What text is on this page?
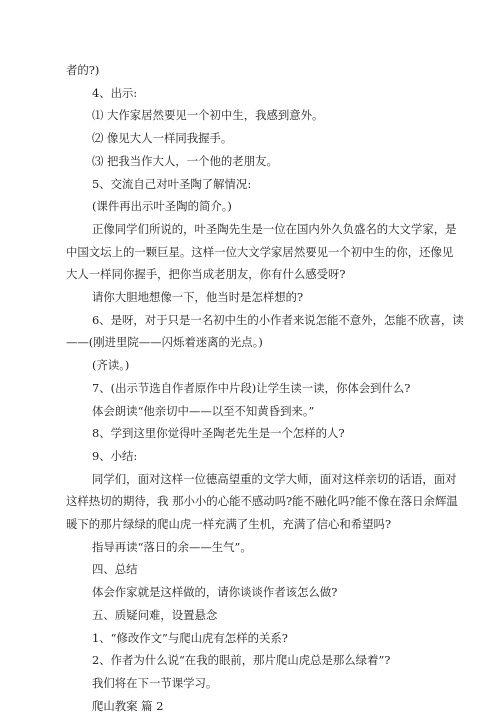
者的?)
4、出示:
⑴ 大作家居然要见一个初中生，我感到意外。
⑵ 像见大人一样同我握手。
⑶ 把我当作大人，一个他的老朋友。
5、交流自己对叶圣陶了解情况:
(课件再出示叶圣陶的简介。)
正像同学们所说的，叶圣陶先生是一位在国内外久负盛名的大文学家，是
中国文坛上的一颗巨星。这样一位大文学家居然要见一个初中生的你，还像见
大人一样同你握手，把你当成老朋友，你有什么感受呀?
请你大胆地想像一下，他当时是怎样想的?
6、是呀，对于只是一名初中生的小作者来说怎能不意外，怎能不欣喜，读
——(刚进里院——闪烁着迷离的光点。)
(齐读。)
7、(出示节选自作者原作中片段)让学生读一读，你体会到什么?
体会朗读“他亲切中——以至不知黄昏到来。”
8、学到这里你觉得叶圣陶老先生是一个怎样的人?
9、小结:
同学们，面对这样一位德高望重的文学大师，面对这样亲切的话语，面对
这样热切的期待，我 那小小的心能不感动吗?能不融化吗?能不像在落日余辉温
暖下的那片绿绿的爬山虎一样充满了生机，充满了信心和希望吗?
指导再读“落日的余——生气”。
四、总结
体会作家就是这样做的，请你谈谈作者该怎么做?
五、质疑问难，设置悬念
1、“修改作文”与爬山虎有怎样的关系?
2、作者为什么说“在我的眼前，那片爬山虎总是那么绿着”?
我们将在下一节课学习。
爬山教案 篇 2
